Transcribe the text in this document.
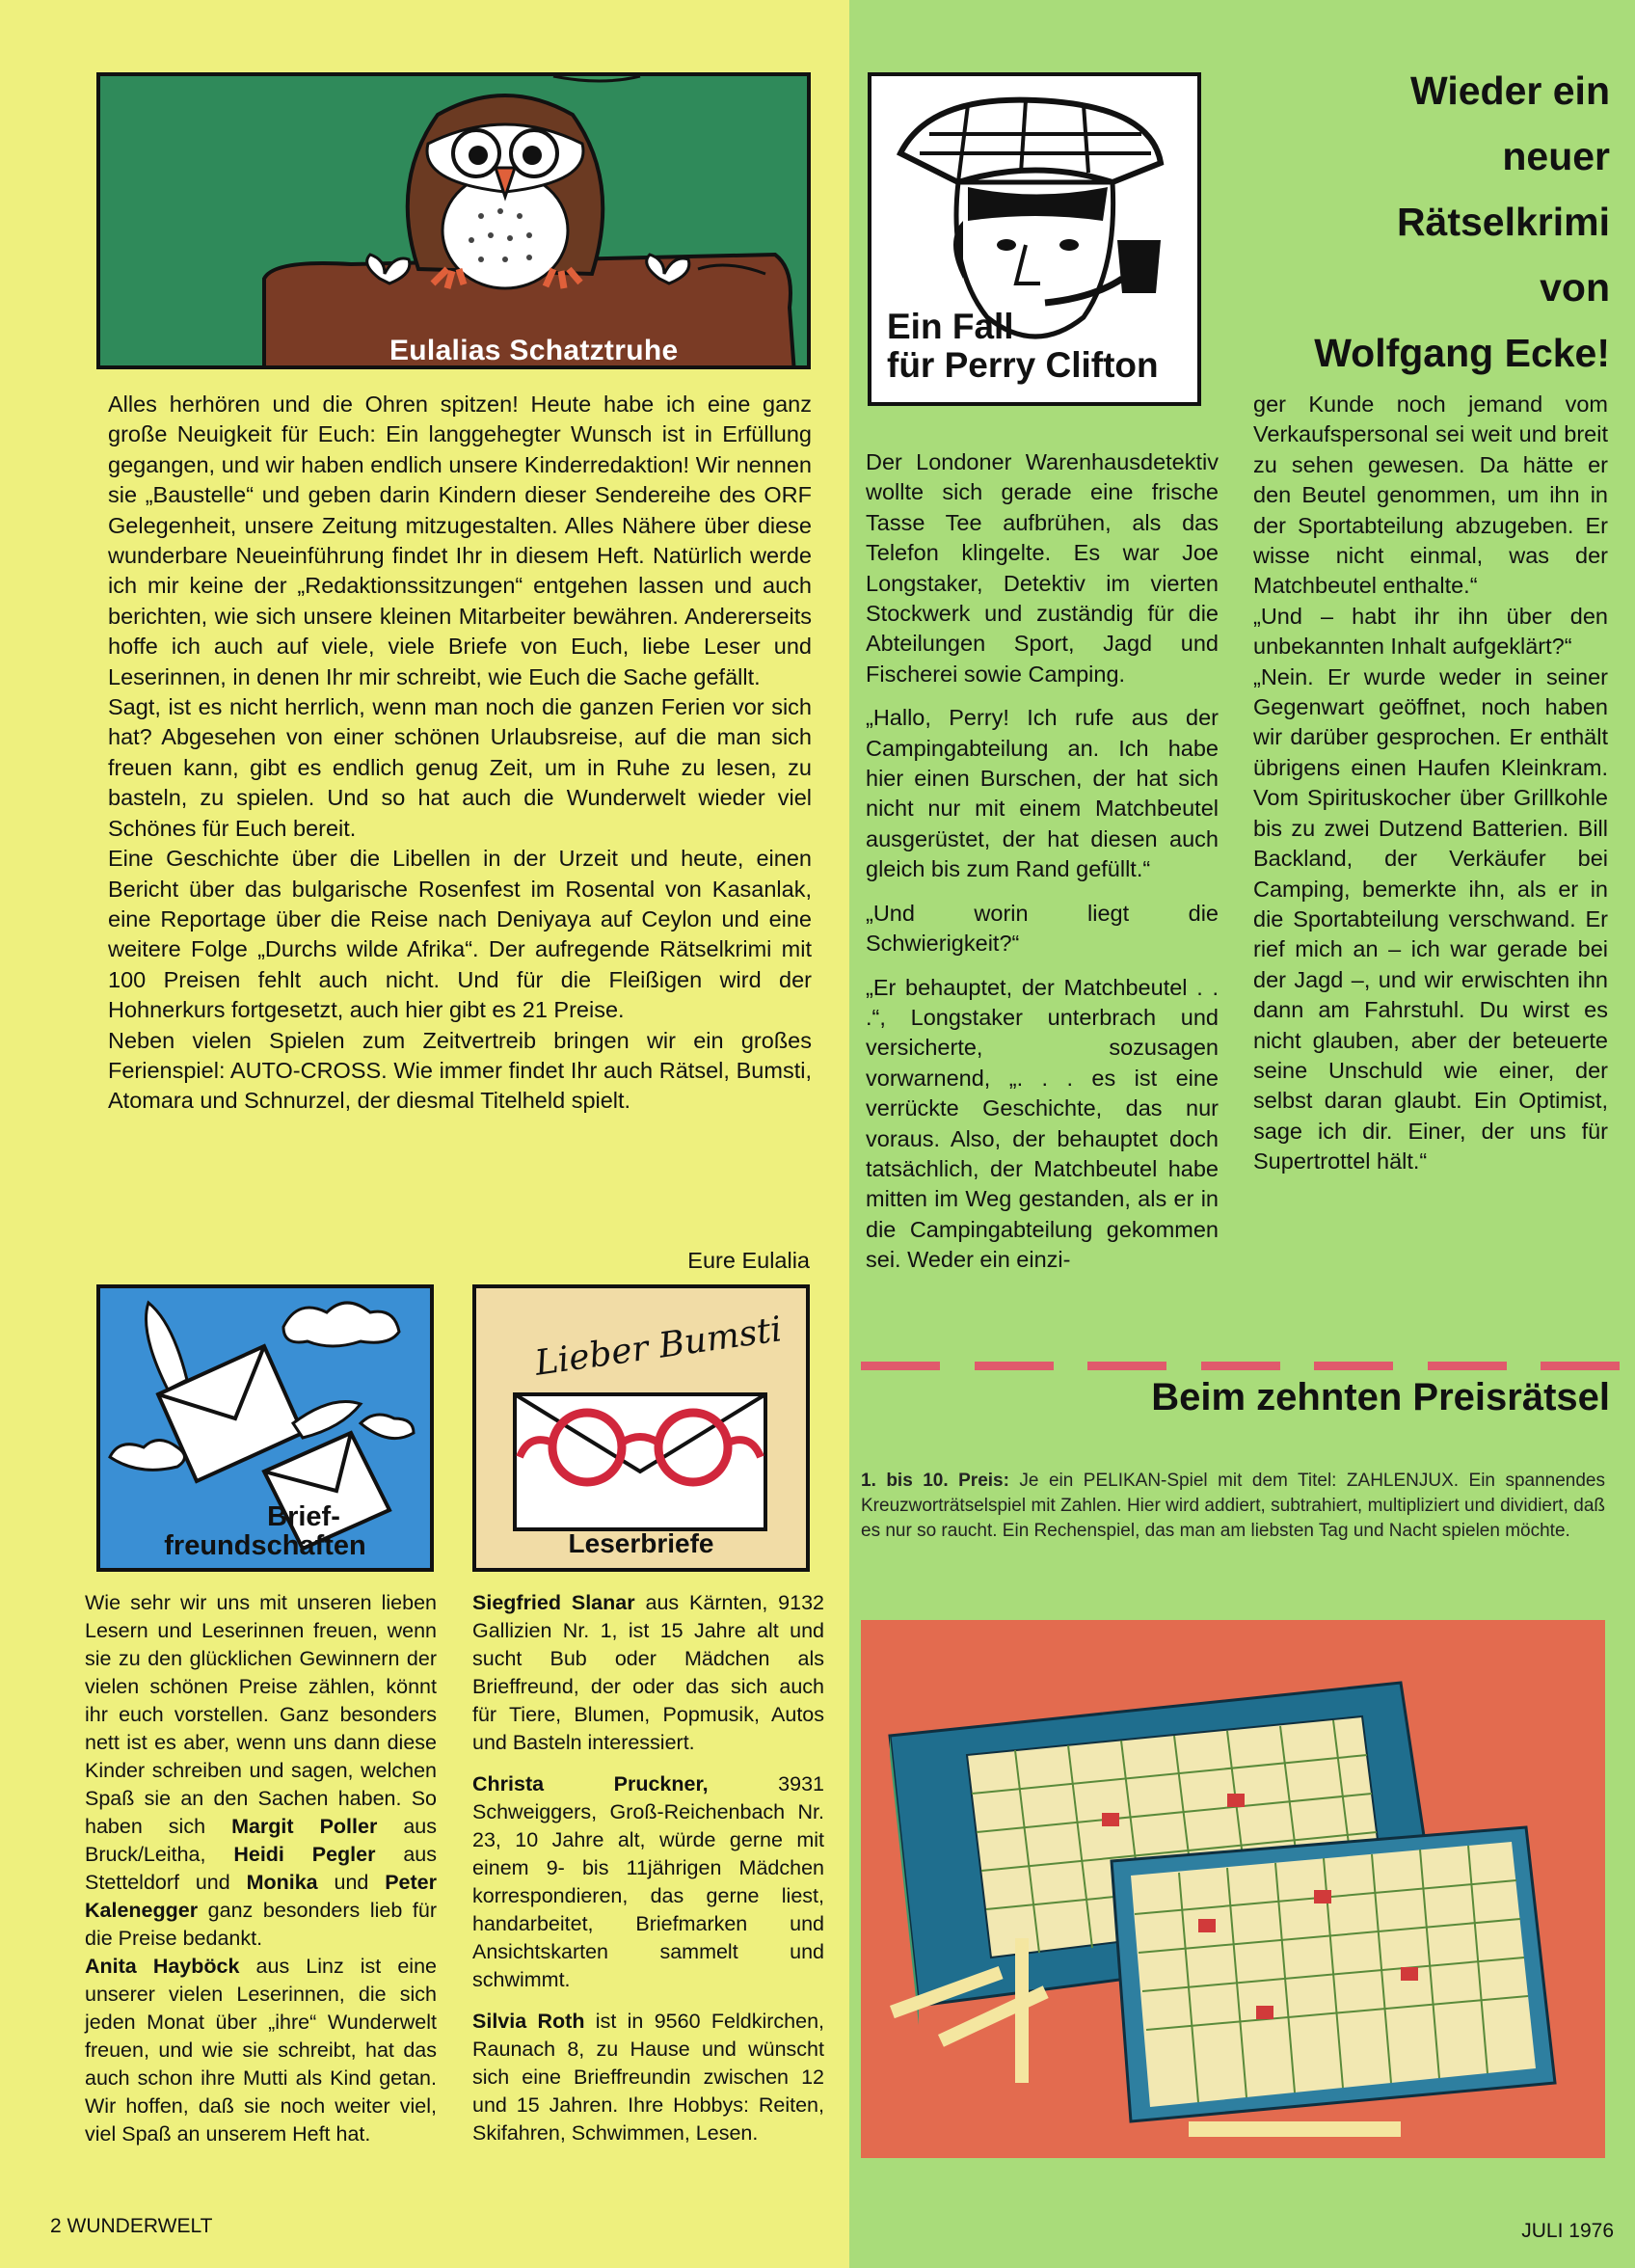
Eulalias Schatztruhe

Alles herhören und die Ohren spitzen! Heute habe ich eine ganz große Neuigkeit für Euch: Ein langgehegter Wunsch ist in Erfüllung gegangen, und wir haben endlich unsere Kinderredaktion! Wir nennen sie „Baustelle“ und geben darin Kindern dieser Sendereihe des ORF Gelegenheit, unsere Zeitung mitzugestalten. Alles Nähere über diese wunderbare Neueinführung findet Ihr in diesem Heft. Natürlich werde ich mir keine der „Redaktionssitzungen“ entgehen lassen und auch berichten, wie sich unsere kleinen Mitarbeiter bewähren. Andererseits hoffe ich auch auf viele, viele Briefe von Euch, liebe Leser und Leserinnen, in denen Ihr mir schreibt, wie Euch die Sache gefällt.

Sagt, ist es nicht herrlich, wenn man noch die ganzen Ferien vor sich hat? Abgesehen von einer schönen Urlaubsreise, auf die man sich freuen kann, gibt es endlich genug Zeit, um in Ruhe zu lesen, zu basteln, zu spielen. Und so hat auch die Wunderwelt wieder viel Schönes für Euch bereit.

Eine Geschichte über die Libellen in der Urzeit und heute, einen Bericht über das bulgarische Rosenfest im Rosental von Kasanlak, eine Reportage über die Reise nach Deniyaya auf Ceylon und eine weitere Folge „Durchs wilde Afrika“. Der aufregende Rätselkrimi mit 100 Preisen fehlt auch nicht. Und für die Fleißigen wird der Hohnerkurs fortgesetzt, auch hier gibt es 21 Preise.

Neben vielen Spielen zum Zeitvertreib bringen wir ein großes Ferienspiel: AUTO-CROSS. Wie immer findet Ihr auch Rätsel, Bumsti, Atomara und Schnurzel, der diesmal Titelheld spielt.

Eure Eulalia
Brief-
freundschaften
Lieber Bumsti
Leserbriefe
Wie sehr wir uns mit unseren lieben Lesern und Leserinnen freuen, wenn sie zu den glücklichen Gewinnern der vielen schönen Preise zählen, könnt ihr euch vorstellen. Ganz besonders nett ist es aber, wenn uns dann diese Kinder schreiben und sagen, welchen Spaß sie an den Sachen haben. So haben sich Margit Poller aus Bruck/Leitha, Heidi Pegler aus Stetteldorf und Monika und Peter Kalenegger ganz besonders lieb für die Preise bedankt.
Anita Hayböck aus Linz ist eine unserer vielen Leserinnen, die sich jeden Monat über „ihre“ Wunderwelt freuen, und wie sie schreibt, hat das auch schon ihre Mutti als Kind getan. Wir hoffen, daß sie noch weiter viel, viel Spaß an unserem Heft hat.

Siegfried Slanar aus Kärnten, 9132 Gallizien Nr. 1, ist 15 Jahre alt und sucht Bub oder Mädchen als Brieffreund, der oder das sich auch für Tiere, Blumen, Popmusik, Autos und Basteln interessiert.

Christa Pruckner, 3931 Schweiggers, Groß-Reichenbach Nr. 23, 10 Jahre alt, würde gerne mit einem 9- bis 11jährigen Mädchen korrespondieren, das gerne liest, handarbeitet, Briefmarken und Ansichtskarten sammelt und schwimmt.

Silvia Roth ist in 9560 Feldkirchen, Raunach 8, zu Hause und wünscht sich eine Brieffreundin zwischen 12 und 15 Jahren. Ihre Hobbys: Reiten, Skifahren, Schwimmen, Lesen.

Ein Fall
für Perry Clifton
Wieder ein
neuer
Rätselkrimi
von
Wolfgang Ecke!

Der Londoner Warenhausdetektiv wollte sich gerade eine frische Tasse Tee aufbrühen, als das Telefon klingelte. Es war Joe Longstaker, Detektiv im vierten Stockwerk und zuständig für die Abteilungen Sport, Jagd und Fischerei sowie Camping.

„Hallo, Perry! Ich rufe aus der Campingabteilung an. Ich habe hier einen Burschen, der hat sich nicht nur mit einem Matchbeutel ausgerüstet, der hat diesen auch gleich bis zum Rand gefüllt.“

„Und worin liegt die Schwierigkeit?“

„Er behauptet, der Matchbeutel . . .“, Longstaker unterbrach und versicherte, sozusagen vorwarnend, „. . . es ist eine verrückte Geschichte, das nur voraus. Also, der behauptet doch tatsächlich, der Matchbeutel habe mitten im Weg gestanden, als er in die Campingabteilung gekommen sei. Weder ein einzi-

ger Kunde noch jemand vom Verkaufspersonal sei weit und breit zu sehen gewesen. Da hätte er den Beutel genommen, um ihn in der Sportabteilung abzugeben. Er wisse nicht einmal, was der Matchbeutel enthalte.“

„Und – habt ihr ihn über den unbekannten Inhalt aufgeklärt?“

„Nein. Er wurde weder in seiner Gegenwart geöffnet, noch haben wir darüber gesprochen. Er enthält übrigens einen Haufen Kleinkram. Vom Spirituskocher über Grillkohle bis zu zwei Dutzend Batterien. Bill Backland, der Verkäufer bei Camping, bemerkte ihn, als er in die Sportabteilung verschwand. Er rief mich an – ich war gerade bei der Jagd –, und wir erwischten ihn dann am Fahrstuhl. Du wirst es nicht glauben, aber der beteuerte seine Unschuld wie einer, der selbst daran glaubt. Ein Optimist, sage ich dir. Einer, der uns für Supertrottel hält.“

Beim zehnten Preisrätsel
1. bis 10. Preis: Je ein PELIKAN-Spiel mit dem Titel: ZAHLENJUX. Ein spannendes Kreuzworträtselspiel mit Zahlen. Hier wird addiert, subtrahiert, multipliziert und dividiert, daß es nur so raucht. Ein Rechenspiel, das man am liebsten Tag und Nacht spielen möchte.
2 WUNDERWELT	JULI 1976
